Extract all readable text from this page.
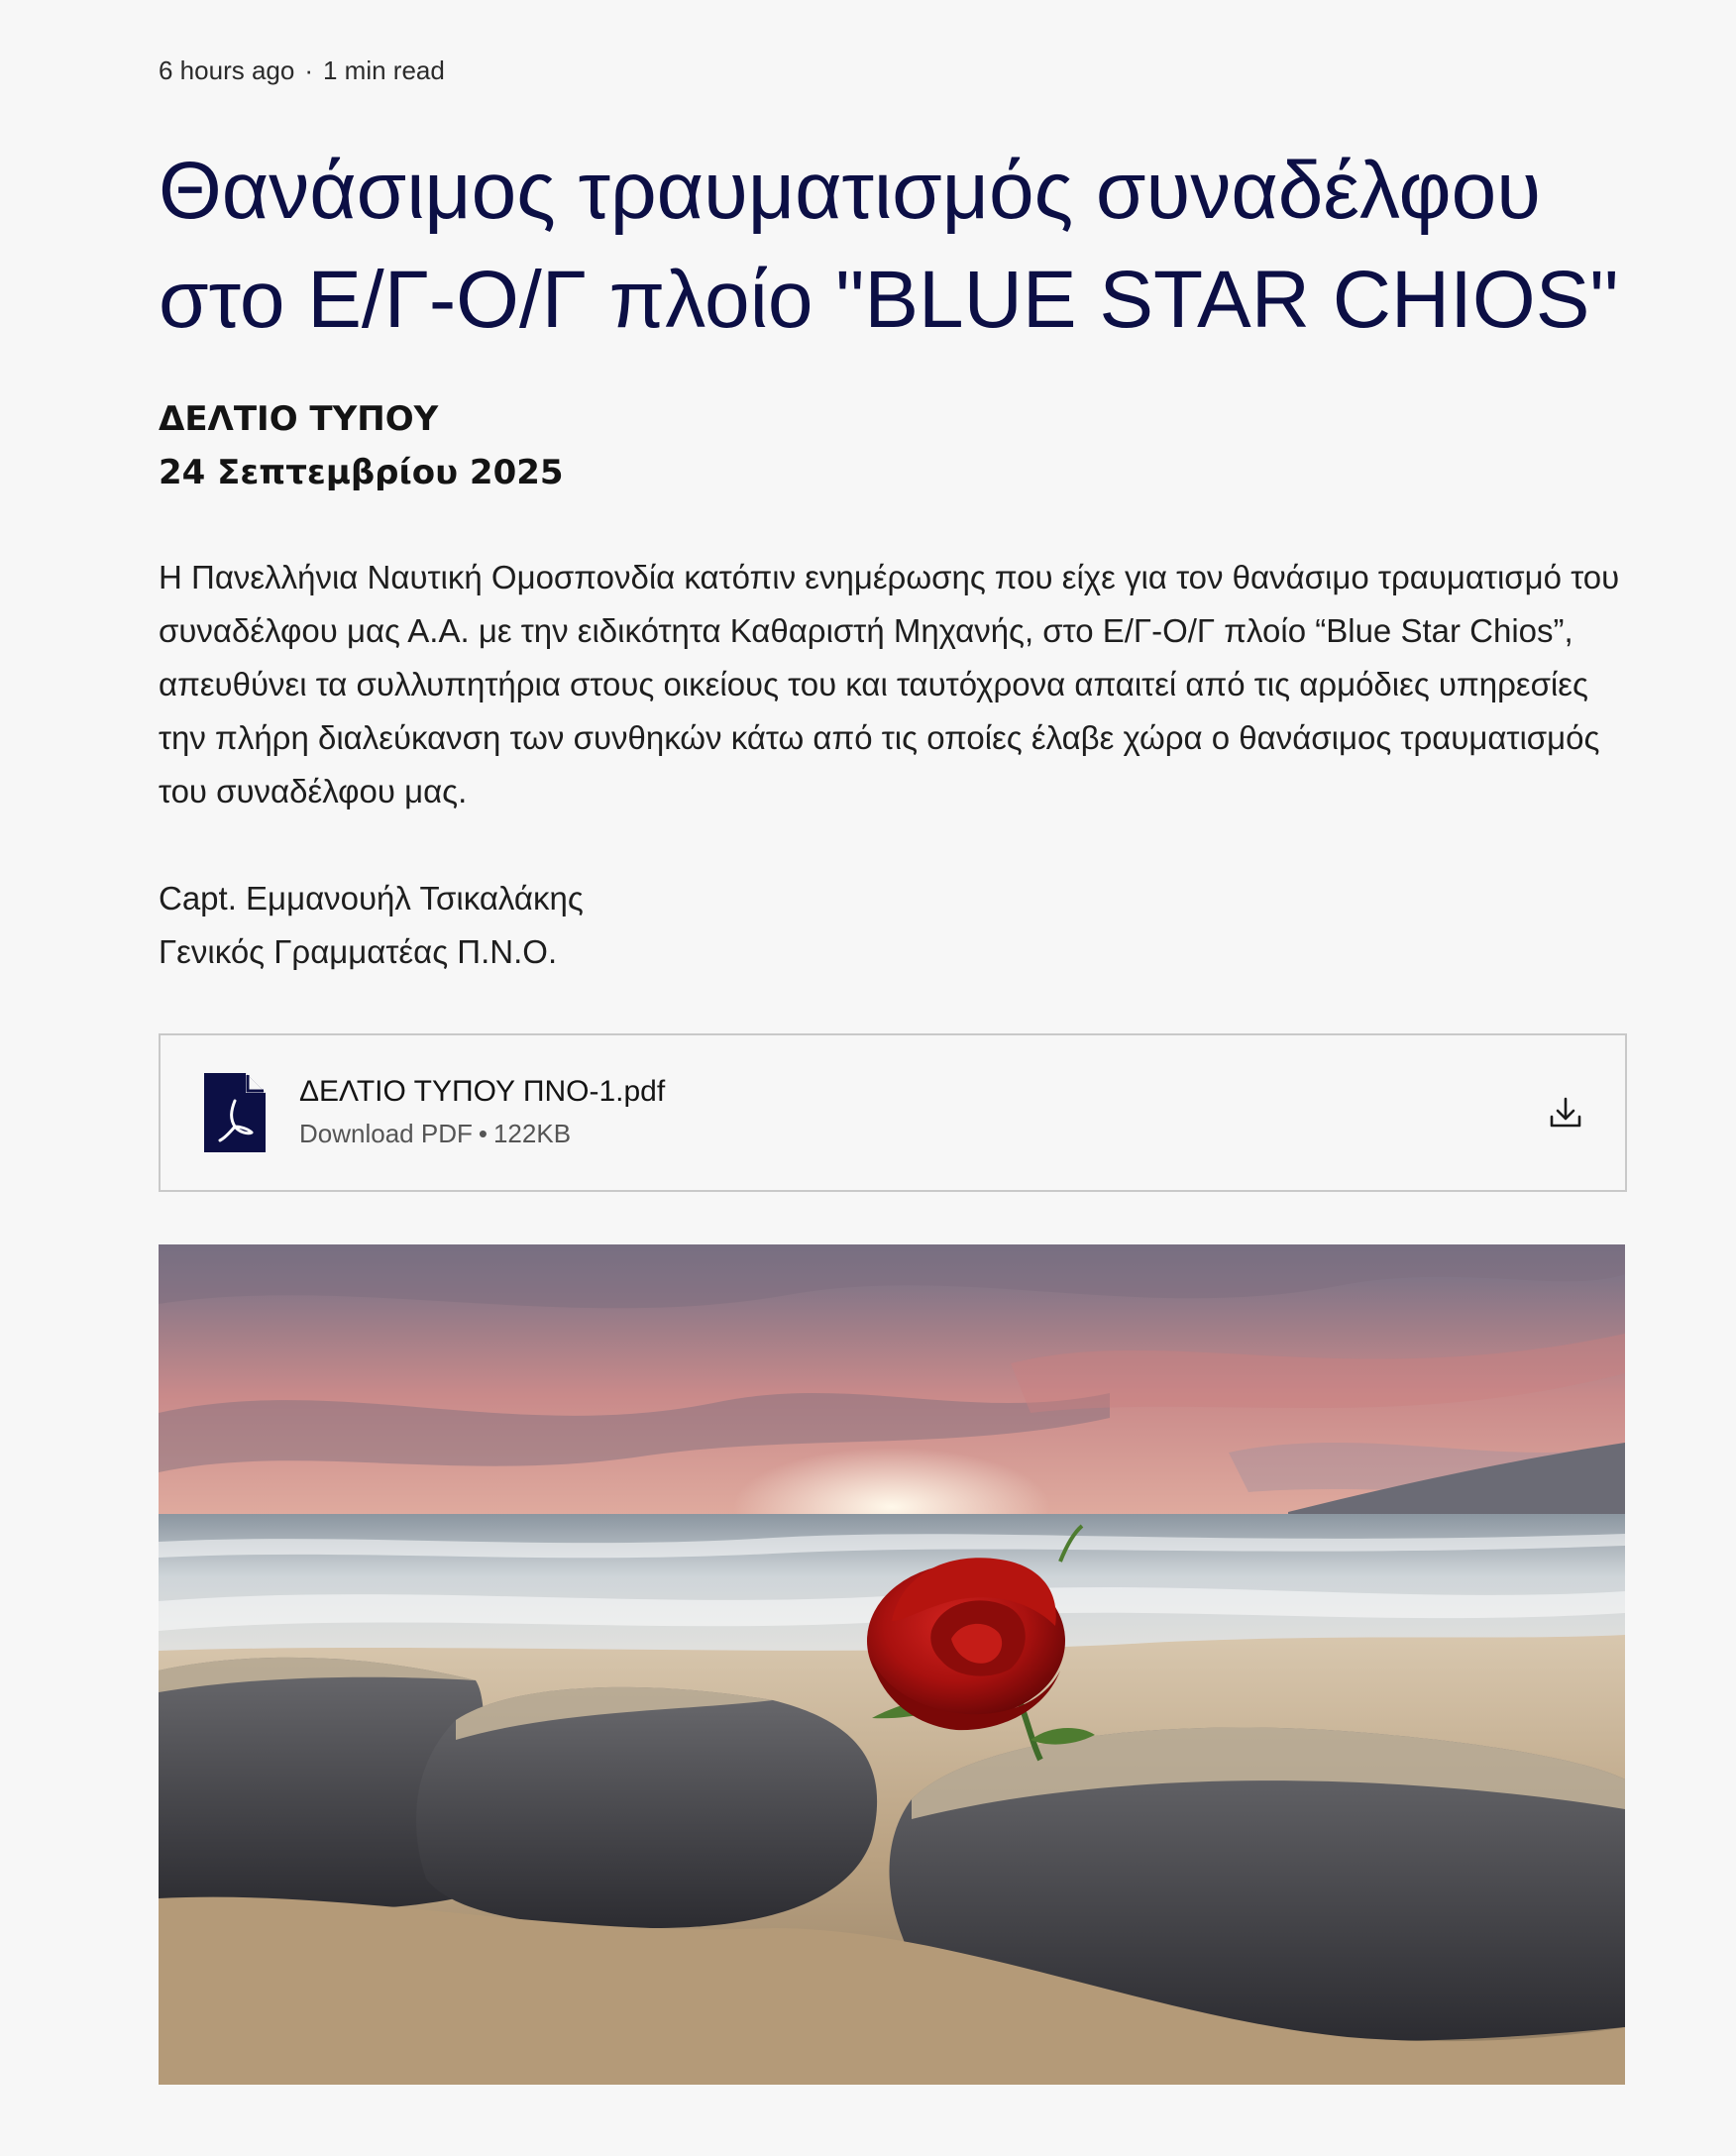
6 hours ago · 1 min read
Θανάσιμος τραυματισμός συναδέλφου στο Ε/Γ-Ο/Γ πλοίο "BLUE STAR CHIOS"
ΔΕΛΤΙΟ ΤΥΠΟΥ
24 Σεπτεμβρίου 2025

Η Πανελλήνια Ναυτική Ομοσπονδία κατόπιν ενημέρωσης που είχε για τον θανάσιμο τραυματισμό του συναδέλφου μας Α.Α. με την ειδικότητα Καθαριστή Μηχανής, στο Ε/Γ-Ο/Γ πλοίο “Blue Star Chios”, απευθύνει τα συλλυπητήρια στους οικείους του και ταυτόχρονα απαιτεί από τις αρμόδιες υπηρεσίες την πλήρη διαλεύκανση των συνθηκών κάτω από τις οποίες έλαβε χώρα ο θανάσιμος τραυματισμός του συναδέλφου μας.

Capt. Εμμανουήλ Τσικαλάκης
Γενικός Γραμματέας Π.Ν.Ο.
ΔΕΛΤΙΟ ΤΥΠΟΥ ΠΝΟ-1.pdf
Download PDF • 122KB
